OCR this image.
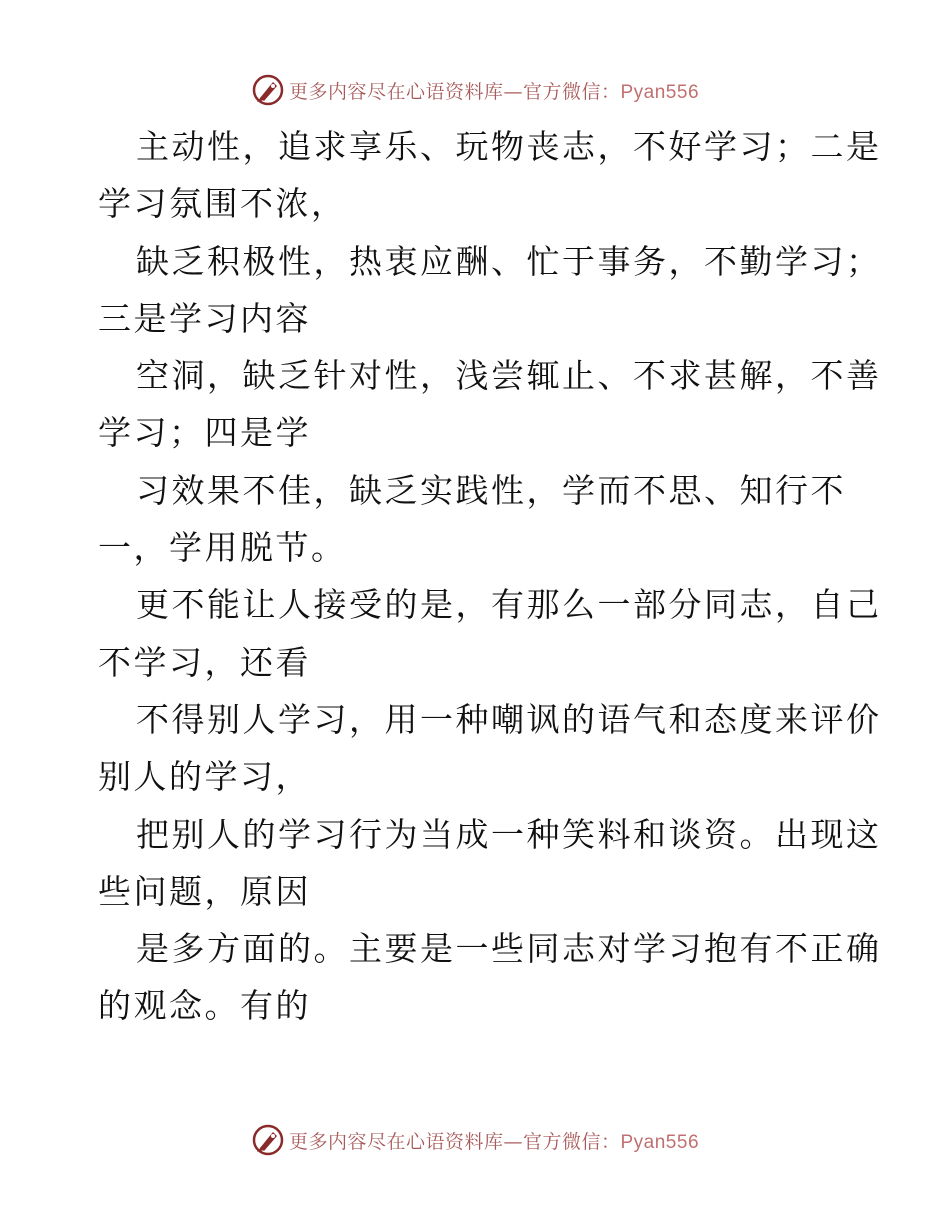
更多内容尽在心语资料库—官方微信：Pyan556

主动性，追求享乐、玩物丧志，不好学习；二是

学习氛围不浓，

缺乏积极性，热衷应酬、忙于事务，不勤学习；

三是学习内容

空洞，缺乏针对性，浅尝辄止、不求甚解，不善

学习；四是学

习效果不佳，缺乏实践性，学而不思、知行不

一，学用脱节。

更不能让人接受的是，有那么一部分同志，自己

不学习，还看

不得别人学习，用一种嘲讽的语气和态度来评价

别人的学习，

把别人的学习行为当成一种笑料和谈资。出现这

些问题，原因

是多方面的。主要是一些同志对学习抱有不正确

的观念。有的

更多内容尽在心语资料库—官方微信：Pyan556
